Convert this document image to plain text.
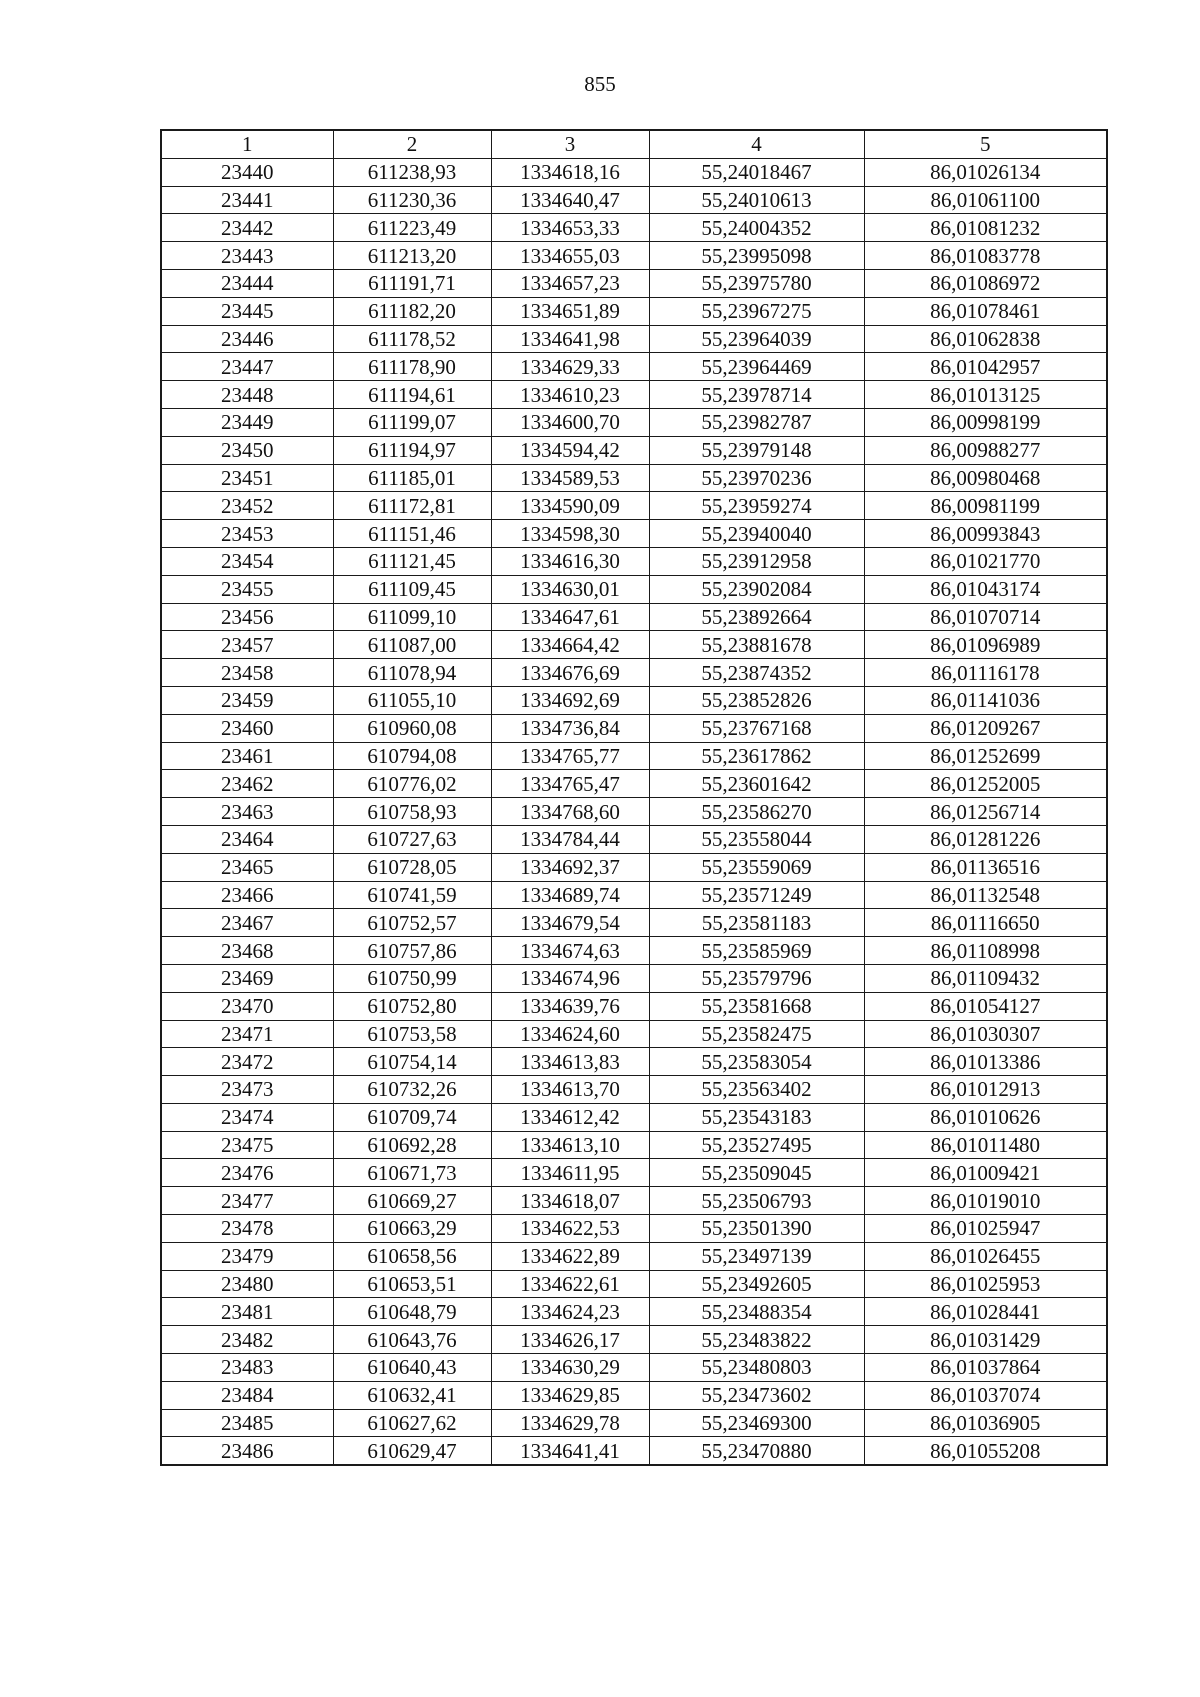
855
1	2	3	4	5
23440	611238,93	1334618,16	55,24018467	86,01026134
23441	611230,36	1334640,47	55,24010613	86,01061100
23442	611223,49	1334653,33	55,24004352	86,01081232
23443	611213,20	1334655,03	55,23995098	86,01083778
23444	611191,71	1334657,23	55,23975780	86,01086972
23445	611182,20	1334651,89	55,23967275	86,01078461
23446	611178,52	1334641,98	55,23964039	86,01062838
23447	611178,90	1334629,33	55,23964469	86,01042957
23448	611194,61	1334610,23	55,23978714	86,01013125
23449	611199,07	1334600,70	55,23982787	86,00998199
23450	611194,97	1334594,42	55,23979148	86,00988277
23451	611185,01	1334589,53	55,23970236	86,00980468
23452	611172,81	1334590,09	55,23959274	86,00981199
23453	611151,46	1334598,30	55,23940040	86,00993843
23454	611121,45	1334616,30	55,23912958	86,01021770
23455	611109,45	1334630,01	55,23902084	86,01043174
23456	611099,10	1334647,61	55,23892664	86,01070714
23457	611087,00	1334664,42	55,23881678	86,01096989
23458	611078,94	1334676,69	55,23874352	86,01116178
23459	611055,10	1334692,69	55,23852826	86,01141036
23460	610960,08	1334736,84	55,23767168	86,01209267
23461	610794,08	1334765,77	55,23617862	86,01252699
23462	610776,02	1334765,47	55,23601642	86,01252005
23463	610758,93	1334768,60	55,23586270	86,01256714
23464	610727,63	1334784,44	55,23558044	86,01281226
23465	610728,05	1334692,37	55,23559069	86,01136516
23466	610741,59	1334689,74	55,23571249	86,01132548
23467	610752,57	1334679,54	55,23581183	86,01116650
23468	610757,86	1334674,63	55,23585969	86,01108998
23469	610750,99	1334674,96	55,23579796	86,01109432
23470	610752,80	1334639,76	55,23581668	86,01054127
23471	610753,58	1334624,60	55,23582475	86,01030307
23472	610754,14	1334613,83	55,23583054	86,01013386
23473	610732,26	1334613,70	55,23563402	86,01012913
23474	610709,74	1334612,42	55,23543183	86,01010626
23475	610692,28	1334613,10	55,23527495	86,01011480
23476	610671,73	1334611,95	55,23509045	86,01009421
23477	610669,27	1334618,07	55,23506793	86,01019010
23478	610663,29	1334622,53	55,23501390	86,01025947
23479	610658,56	1334622,89	55,23497139	86,01026455
23480	610653,51	1334622,61	55,23492605	86,01025953
23481	610648,79	1334624,23	55,23488354	86,01028441
23482	610643,76	1334626,17	55,23483822	86,01031429
23483	610640,43	1334630,29	55,23480803	86,01037864
23484	610632,41	1334629,85	55,23473602	86,01037074
23485	610627,62	1334629,78	55,23469300	86,01036905
23486	610629,47	1334641,41	55,23470880	86,01055208
